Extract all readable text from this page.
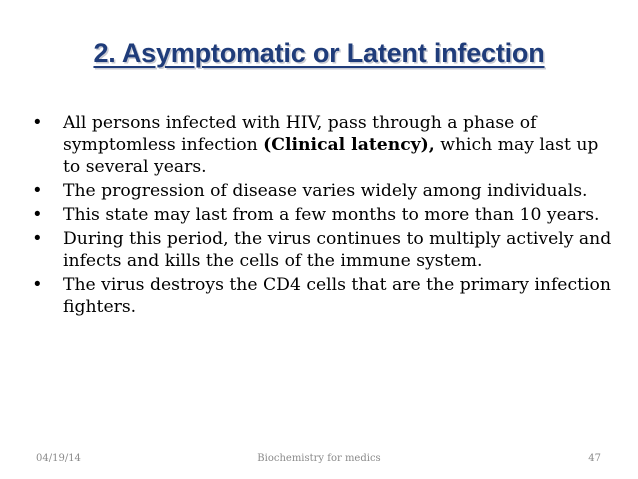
2. Asymptomatic or Latent infection
• All persons infected with HIV, pass through a phase of symptomless infection (Clinical latency), which may last up to several years.
• The progression of disease varies widely among individuals.
• This state may last from a few months to more than 10 years.
• During this period, the virus continues to multiply actively and infects and kills the cells of the immune system.
• The virus destroys the CD4 cells that are the primary infection fighters.
04/19/14	Biochemistry for medics	47
